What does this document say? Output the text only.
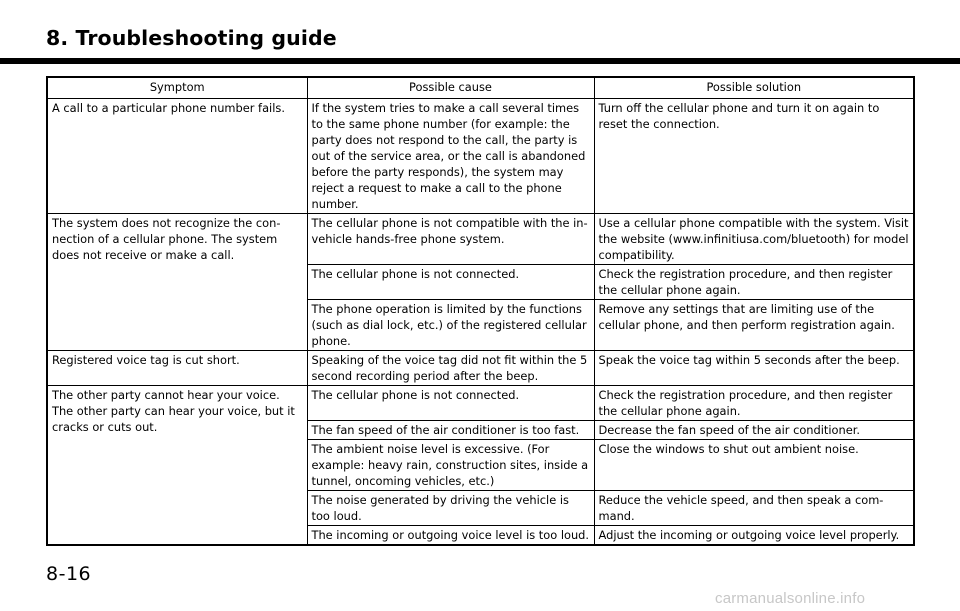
8. Troubleshooting guide
Symptom	Possible cause	Possible solution
A call to a particular phone number fails.	If the system tries to make a call several times to the same phone number (for example: the party does not respond to the call, the party is out of the service area, or the call is abandoned before the party responds), the system may reject a request to make a call to the phone number.	Turn off the cellular phone and turn it on again to reset the connection.
The system does not recognize the connection of a cellular phone. The system does not receive or make a call.	The cellular phone is not compatible with the invehicle hands-free phone system.	Use a cellular phone compatible with the system. Visit the website (www.infinitiusa.com/bluetooth) for model compatibility.
	The cellular phone is not connected.	Check the registration procedure, and then register the cellular phone again.
	The phone operation is limited by the functions (such as dial lock, etc.) of the registered cellular phone.	Remove any settings that are limiting use of the cellular phone, and then perform registration again.
Registered voice tag is cut short.	Speaking of the voice tag did not fit within the 5 second recording period after the beep.	Speak the voice tag within 5 seconds after the beep.
The other party cannot hear your voice. The other party can hear your voice, but it cracks or cuts out.	The cellular phone is not connected.	Check the registration procedure, and then register the cellular phone again.
	The fan speed of the air conditioner is too fast.	Decrease the fan speed of the air conditioner.
	The ambient noise level is excessive. (For example: heavy rain, construction sites, inside a tunnel, oncoming vehicles, etc.)	Close the windows to shut out ambient noise.
	The noise generated by driving the vehicle is too loud.	Reduce the vehicle speed, and then speak a command.
	The incoming or outgoing voice level is too loud.	Adjust the incoming or outgoing voice level properly.
8-16
carmanualsonline.info
